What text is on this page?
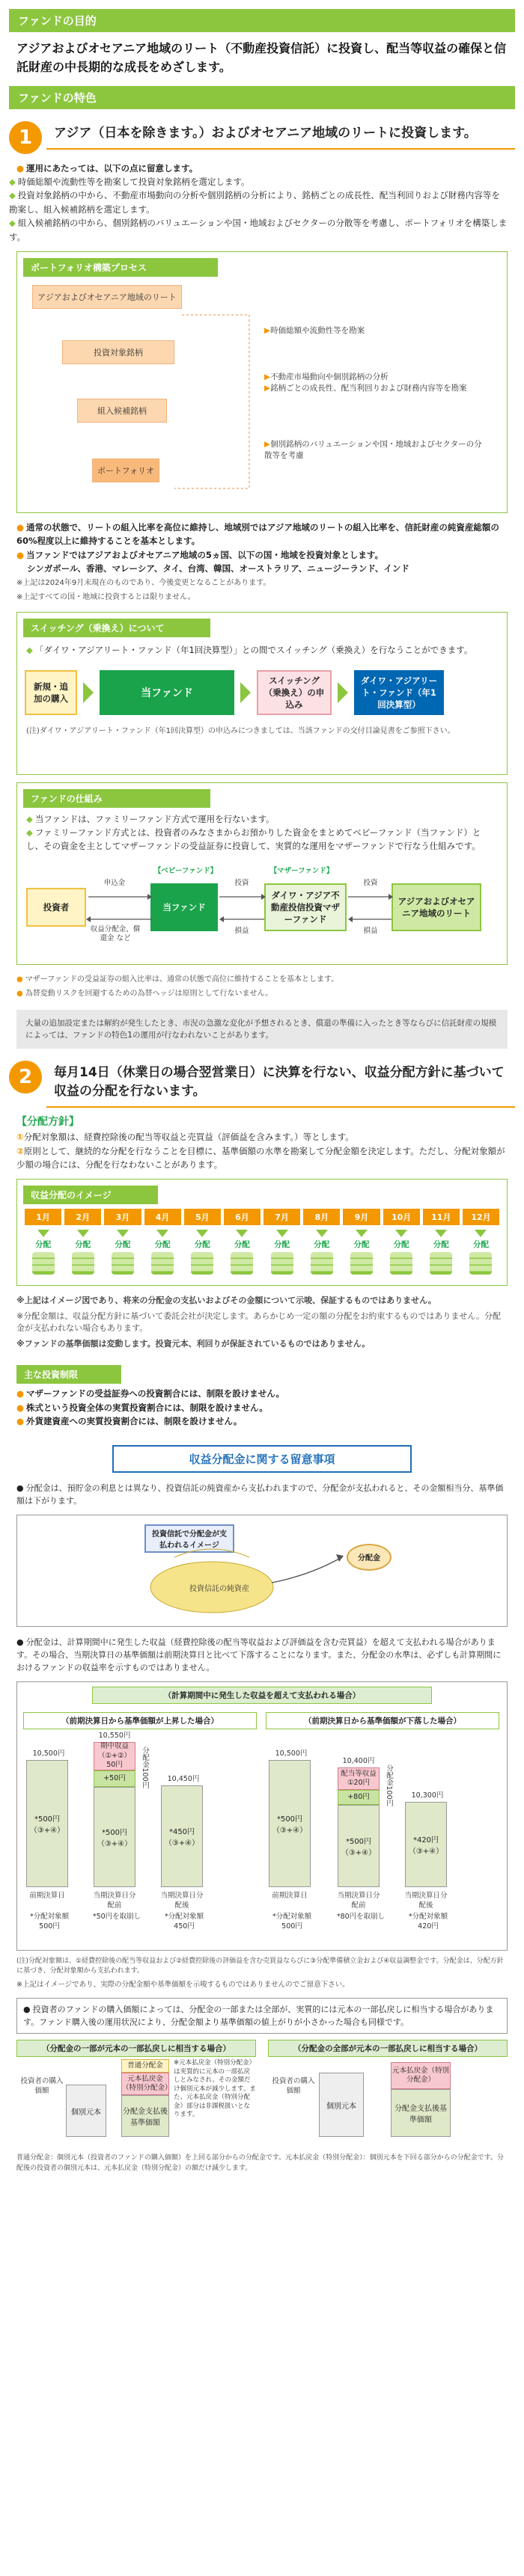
ファンドの目的
アジアおよびオセアニア地域のリート（不動産投資信託）に投資し、配当等収益の確保と信託財産の中長期的な成長をめざします。
ファンドの特色
1	アジア（日本を除きます。）およびオセアニア地域のリートに投資します。
● 運用にあたっては、以下の点に留意します。
◆ 時価総額や流動性等を勘案して投資対象銘柄を選定します。
◆ 投資対象銘柄の中から、不動産市場動向の分析や個別銘柄の分析により、銘柄ごとの成長性、配当利回りおよび財務内容等を勘案し、組入候補銘柄を選定します。
◆ 組入候補銘柄の中から、個別銘柄のバリュエーションや国・地域およびセクターの分散等を考慮し、ポートフォリオを構築します。
ポートフォリオ構築プロセス
アジアおよびオセアニア地域のリート
▶時価総額や流動性等を勘案
投資対象銘柄
▶不動産市場動向や個別銘柄の分析
▶銘柄ごとの成長性、配当利回りおよび財務内容等を勘案
組入候補銘柄
▶個別銘柄のバリュエーションや国・地域およびセクターの分散等を考慮
ポートフォリオ
● 通常の状態で、リートの組入比率を高位に維持し、地域別ではアジア地域のリートの組入比率を、信託財産の純資産総額の60%程度以上に維持することを基本とします。
● 当ファンドではアジアおよびオセアニア地域の5ヵ国、以下の国・地域を投資対象とします。
シンガポール、香港、マレーシア、タイ、台湾、韓国、オーストラリア、ニュージーランド、インド
※上記は2024年9月末現在のものであり、今後変更となることがあります。
※上記すべての国・地域に投資するとは限りません。
スイッチング（乗換え）について
◆ 「ダイワ・アジアリート・ファンド（年1回決算型）」との間でスイッチング（乗換え）を行なうことができます。
新規・追加の購入	当ファンド
スイッチング（乗換え）の申込み
ダイワ・アジアリート・ファンド（年1回決算型）
(注)ダイワ・アジアリート・ファンド（年1回決算型）の申込みにつきましては、当該ファンドの交付目論見書をご参照下さい。
ファンドの仕組み
◆ 当ファンドは、ファミリーファンド方式で運用を行ないます。
◆ ファミリーファンド方式とは、投資者のみなさまからお預かりした資金をまとめてベビーファンド（当ファンド）とし、その資金を主としてマザーファンドの受益証券に投資して、実質的な運用をマザーファンドで行なう仕組みです。
投資者
申込金
収益分配金、償還金 など
【ベビーファンド】
当ファンド
投資
損益
【マザーファンド】
ダイワ・アジア不動産投信投資マザーファンド
投資
損益
アジアおよびオセアニア地域のリート
● マザーファンドの受益証券の組入比率は、通常の状態で高位に維持することを基本とします。
● 為替変動リスクを回避するための為替ヘッジは原則として行ないません。
大量の追加設定または解約が発生したとき、市況の急激な変化が予想されるとき、償還の準備に入ったとき等ならびに信託財産の規模によっては、ファンドの特色1の運用が行なわれないことがあります。
2	毎月14日（休業日の場合翌営業日）に決算を行ない、収益分配方針に基づいて収益の分配を行ないます。
【分配方針】
①分配対象額は、経費控除後の配当等収益と売買益（評価益を含みます。）等とします。
②原則として、継続的な分配を行なうことを目標に、基準価額の水準を勘案して分配金額を決定します。ただし、分配対象額が少額の場合には、分配を行なわないことがあります。
収益分配のイメージ
1月	2月	3月	4月	5月	6月	7月	8月	9月	10月	11月	12月
分配	分配	分配	分配	分配	分配	分配	分配	分配	分配	分配	分配
※上記はイメージ図であり、将来の分配金の支払いおよびその金額について示唆、保証するものではありません。
※分配金額は、収益分配方針に基づいて委託会社が決定します。あらかじめ一定の額の分配をお約束するものではありません。分配金が支払われない場合もあります。
※ファンドの基準価額は変動します。投資元本、利回りが保証されているものではありません。
主な投資制限
● マザーファンドの受益証券への投資割合には、制限を設けません。
● 株式という投資全体の実質投資割合には、制限を設けません。
● 外貨建資産への実質投資割合には、制限を設けません。
収益分配金に関する留意事項
● 分配金は、預貯金の利息とは異なり、投資信託の純資産から支払われますので、分配金が支払われると、その金額相当分、基準価額は下がります。
投資信託で分配金が支払われるイメージ
投資信託の純資産
分配金
● 分配金は、計算期間中に発生した収益（経費控除後の配当等収益および評価益を含む売買益）を超えて支払われる場合があります。その場合、当期決算日の基準価額は前期決算日と比べて下落することになります。また、分配金の水準は、必ずしも計算期間におけるファンドの収益率を示すものではありません。
（計算期間中に発生した収益を超えて支払われる場合）
（前期決算日から基準価額が上昇した場合）
10,500円
*500円（③+④）
10,550円
期中収益（①+②）50円
+50円
*500円（③+④）
分配金100円	10,450円
*450円（③+④）
前期決算日	当期決算日分配前
当期決算日分配後
*分配対象額500円
*50円を取崩し	*分配対象額450円
（前期決算日から基準価額が下落した場合）
10,500円
*500円（③+④）
10,400円
配当等収益①20円
+80円
*500円（③+④）
分配金100円	10,300円
*420円（③+④）
前期決算日	当期決算日分配前
当期決算日分配後
*分配対象額500円
*80円を取崩し	*分配対象額420円
(注)分配対象額は、①経費控除後の配当等収益および②経費控除後の評価益を含む売買益ならびに③分配準備積立金および④収益調整金です。分配金は、分配方針に基づき、分配対象額から支払われます。
※上記はイメージであり、実際の分配金額や基準価額を示唆するものではありませんのでご留意下さい。
● 投資者のファンドの購入価額によっては、分配金の一部または全部が、実質的には元本の一部払戻しに相当する場合があります。ファンド購入後の運用状況により、分配金額より基準価額の値上がりが小さかった場合も同様です。
（分配金の一部が元本の一部払戻しに相当する場合）
投資者の購入価額
個別元本
普通分配金
元本払戻金（特別分配金）
分配金支払後基準価額
※元本払戻金（特別分配金）は実質的に元本の一部払戻しとみなされ、その金額だけ個別元本が減少します。また、元本払戻金（特別分配金）部分は非課税扱いとなります。
（分配金の全部が元本の一部払戻しに相当する場合）
投資者の購入価額
個別元本
元本払戻金（特別分配金）
分配金支払後基準価額
普通分配金：個別元本（投資者のファンドの購入価額）を上回る部分からの分配金です。元本払戻金（特別分配金）：個別元本を下回る部分からの分配金です。分配後の投資者の個別元本は、元本払戻金（特別分配金）の額だけ減少します。
